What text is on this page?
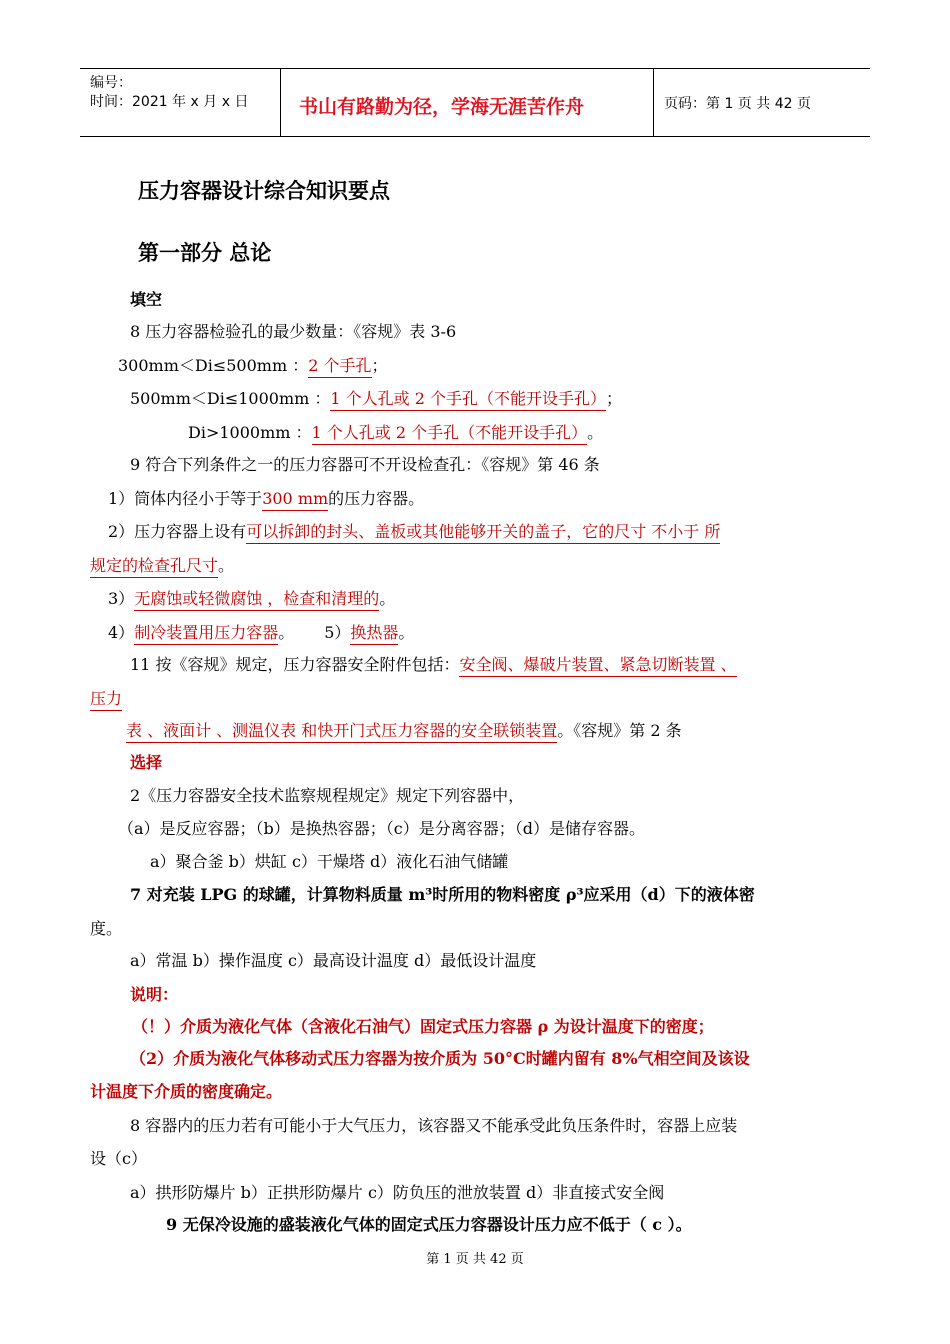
编号：
时间：2021 年 x 月 x 日	书山有路勤为径，学海无涯苦作舟	页码：第 1 页 共 42 页
压力容器设计综合知识要点
第一部分 总论
填空
8 压力容器检验孔的最少数量：《容规》表 3-6
300mm＜Di≤500mm ：2 个手孔；
500mm＜Di≤1000mm ：1 个人孔或 2 个手孔（不能开设手孔）；
Di>1000mm ：1 个人孔或 2 个手孔（不能开设手孔）。
9 符合下列条件之一的压力容器可不开设检查孔：《容规》第 46 条
1）筒体内径小于等于300 mm的压力容器。
2）压力容器上设有可以拆卸的封头、盖板或其他能够开关的盖子，它的尺寸 不小于 所
规定的检查孔尺寸。
3）无腐蚀或轻微腐蚀 ，检查和清理的。
4）制冷装置用压力容器。 5）换热器。
11 按《容规》规定，压力容器安全附件包括：安全阀、爆破片装置、紧急切断装置 、
压力
表 、液面计 、测温仪表 和快开门式压力容器的安全联锁装置。《容规》第 2 条
选择
2《压力容器安全技术监察规程规定》规定下列容器中，
（a）是反应容器；（b）是换热容器；（c）是分离容器；（d）是储存容器。
a）聚合釜 b）烘缸 c）干燥塔 d）液化石油气储罐
7 对充装 LPG 的球罐，计算物料质量 m³时所用的物料密度 ρ³应采用（d）下的液体密
度。
a）常温 b）操作温度 c）最高设计温度 d）最低设计温度
说明：
（！）介质为液化气体（含液化石油气）固定式压力容器 ρ 为设计温度下的密度；
（2）介质为液化气体移动式压力容器为按介质为 50°C时罐内留有 8%气相空间及该设
计温度下介质的密度确定。
8 容器内的压力若有可能小于大气压力，该容器又不能承受此负压条件时，容器上应装
设（c）
a）拱形防爆片 b）正拱形防爆片 c）防负压的泄放装置 d）非直接式安全阀
9 无保冷设施的盛装液化气体的固定式压力容器设计压力应不低于（ c ）。
第 1 页 共 42 页
